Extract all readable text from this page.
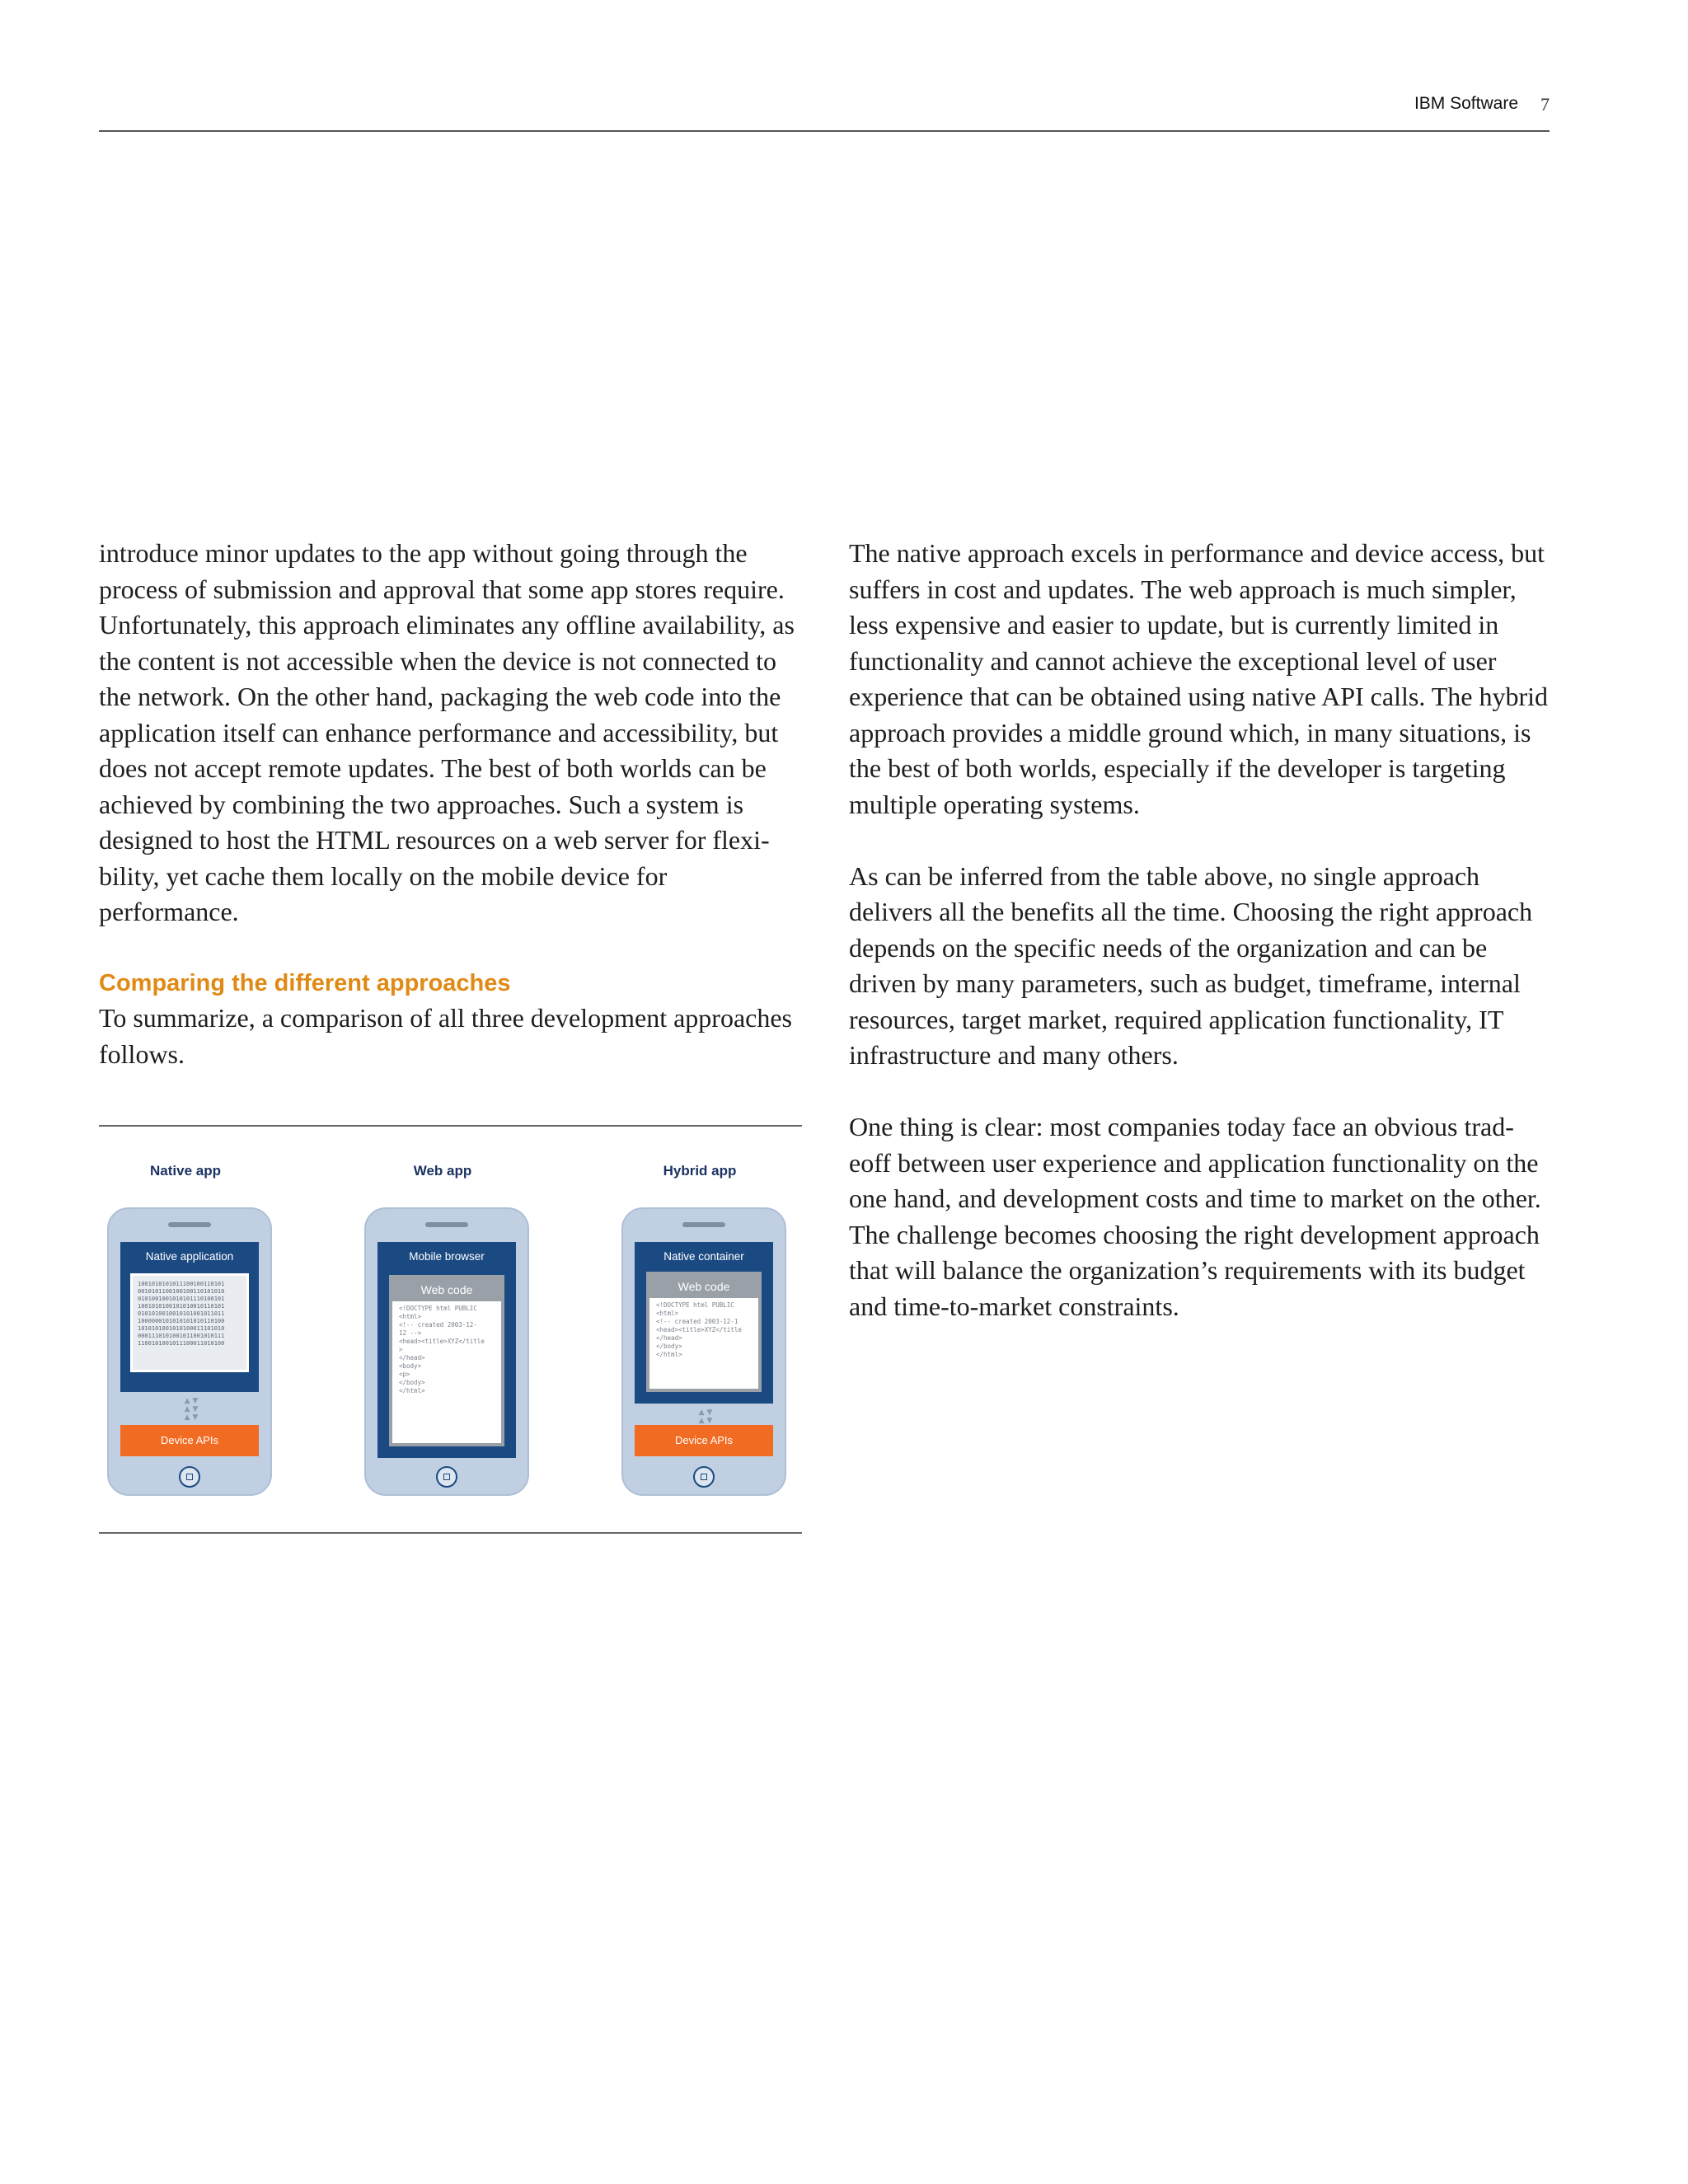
IBM Software 7

introduce minor updates to the app without going through the process of submission and approval that some app stores require. Unfortunately, this approach eliminates any offline availability, as the content is not accessible when the device is not connected to the network. On the other hand, packaging the web code into the application itself can enhance performance and accessibility, but does not accept remote updates. The best of both worlds can be achieved by combining the two approaches. Such a system is designed to host the HTML resources on a web server for flexi-bility, yet cache them locally on the mobile device for performance.

Comparing the different approaches

To summarize, a comparison of all three development approaches follows.

Native app
Native application
1001010101011100100110101
0010101100100100110101010
0101001001010101110100101
1001010100101010010110101
0101010010010101001011011
1000000101010101010110100
1010101001010100011101010
0001110101001011001010111
1100101001011100011010100
▲ ▼
▲ ▼
▲ ▼
Device APIs
Web app
Mobile browser
Web code
<!DOCTYPE html PUBLIC
<html>
<!-- created 2003-12-
12 -->
<head><title>XYZ</title
>
</head>
<body>
<p>
</body>
</html>
Hybrid app
Native container
Web code
<!DOCTYPE html PUBLIC
<html>
<!-- created 2003-12-1
<head><title>XYZ</title
</head>
</body>
</html>
▲ ▼
▲ ▼
Device APIs

The native approach excels in performance and device access, but suffers in cost and updates. The web approach is much simpler, less expensive and easier to update, but is currently limited in functionality and cannot achieve the exceptional level of user experience that can be obtained using native API calls. The hybrid approach provides a middle ground which, in many situations, is the best of both worlds, especially if the developer is targeting multiple operating systems.

As can be inferred from the table above, no single approach delivers all the benefits all the time. Choosing the right approach depends on the specific needs of the organization and can be driven by many parameters, such as budget, timeframe, internal resources, target market, required application functionality, IT infrastructure and many others.

One thing is clear: most companies today face an obvious trad-eoff between user experience and application functionality on the one hand, and development costs and time to market on the other. The challenge becomes choosing the right development approach that will balance the organization’s requirements with its budget and time-to-market constraints.
